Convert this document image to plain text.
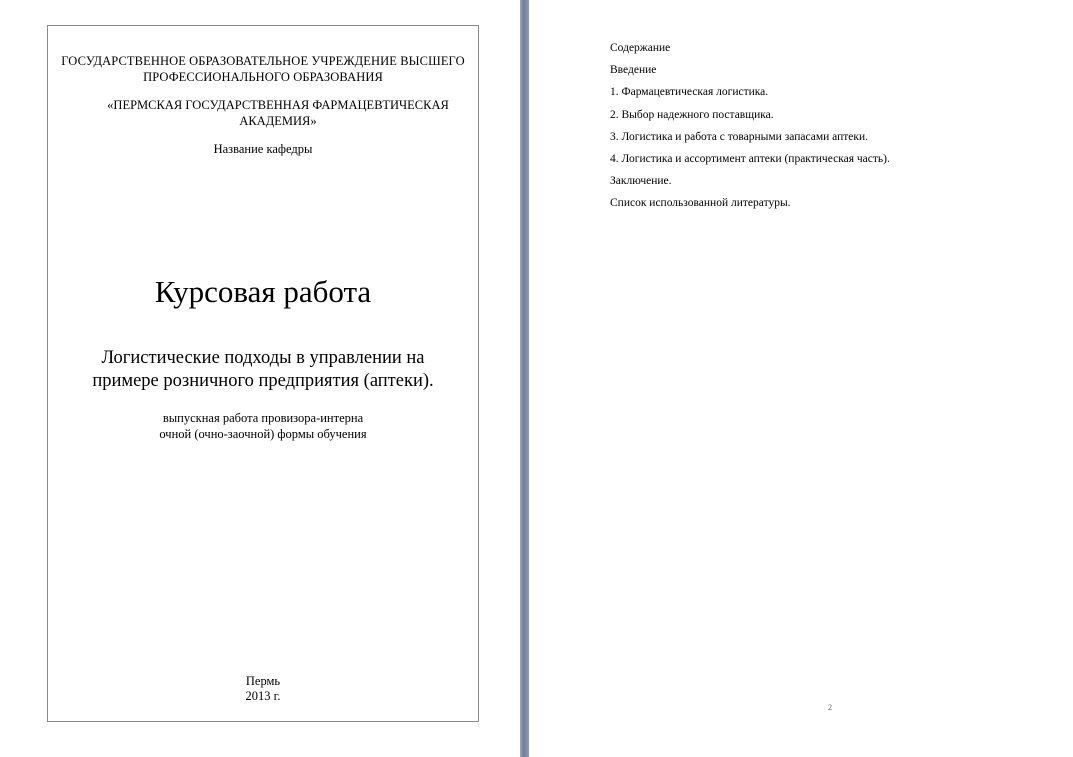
ГОСУДАРСТВЕННОЕ ОБРАЗОВАТЕЛЬНОЕ УЧРЕЖДЕНИЕ ВЫСШЕГО
ПРОФЕССИОНАЛЬНОГО ОБРАЗОВАНИЯ
«ПЕРМСКАЯ ГОСУДАРСТВЕННАЯ ФАРМАЦЕВТИЧЕСКАЯ
АКАДЕМИЯ»
Название кафедры
Курсовая работа
Логистические подходы в управлении на
примере розничного предприятия (аптеки).
выпускная работа провизора-интерна
очной (очно-заочной) формы обучения
Пермь
2013 г.
Содержание
Введение
1. Фармацевтическая логистика.
2. Выбор надежного поставщика.
3. Логистика и работа с товарными запасами аптеки.
4. Логистика и ассортимент аптеки (практическая часть).
Заключение.
Список использованной литературы.
2
